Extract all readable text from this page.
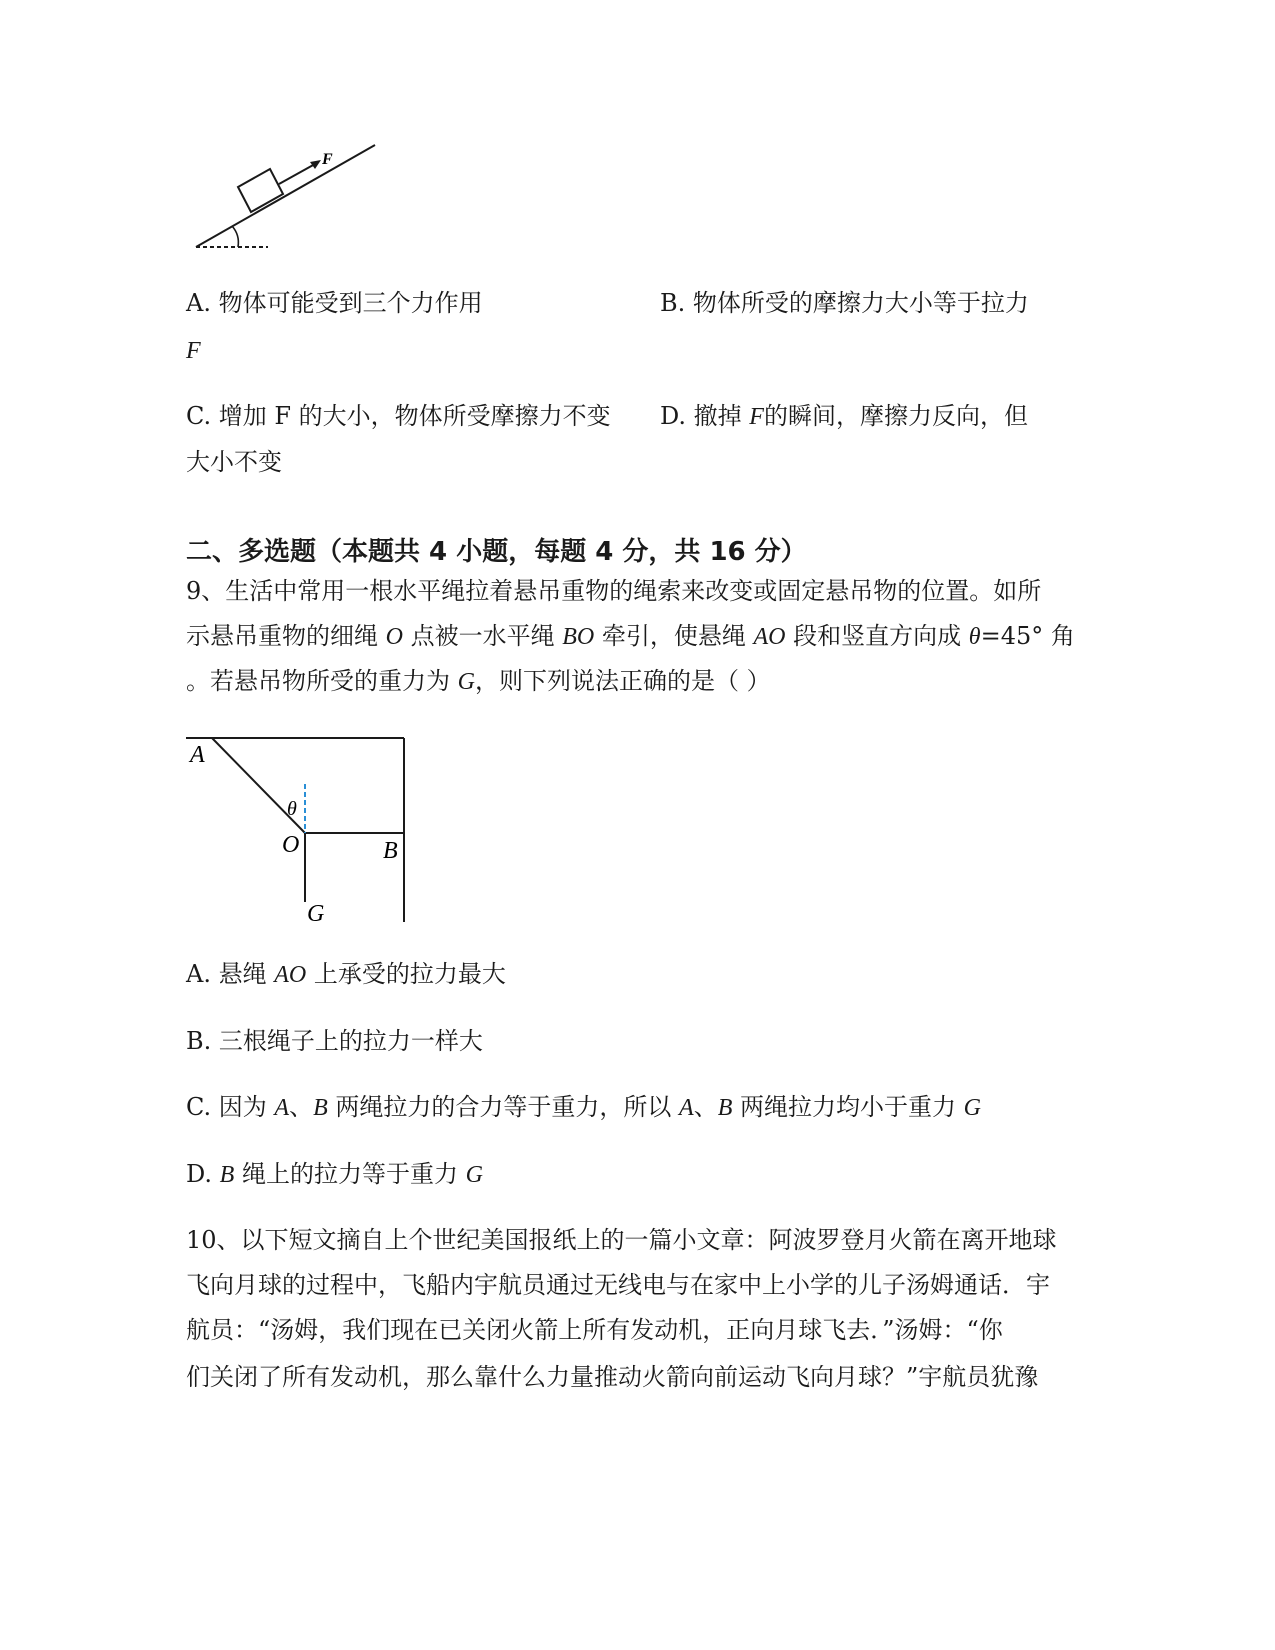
F
A. 物体可能受到三个力作用	B. 物体所受的摩擦力大小等于拉力
F
C. 增加 F 的大小，物体所受摩擦力不变 D. 撤掉 F的瞬间，摩擦力反向，但
大小不变
二、多选题（本题共 4 小题，每题 4 分，共 16 分）
9、生活中常用一根水平绳拉着悬吊重物的绳索来改变或固定悬吊物的位置。如所
示悬吊重物的细绳 O 点被一水平绳 BO 牵引，使悬绳 AO 段和竖直方向成 θ=45° 角
。若悬吊物所受的重力为 G，则下列说法正确的是（ ）
A
θ
O	B
G
A. 悬绳 AO 上承受的拉力最大
B. 三根绳子上的拉力一样大
C. 因为 A、B 两绳拉力的合力等于重力，所以 A、B 两绳拉力均小于重力 G
D. B 绳上的拉力等于重力 G
10、以下短文摘自上个世纪美国报纸上的一篇小文章：阿波罗登月火箭在离开地球
飞向月球的过程中，飞船内宇航员通过无线电与在家中上小学的儿子汤姆通话．宇
航员：“汤姆，我们现在已关闭火箭上所有发动机，正向月球飞去．”汤姆：“你
们关闭了所有发动机，那么靠什么力量推动火箭向前运动飞向月球？”宇航员犹豫
